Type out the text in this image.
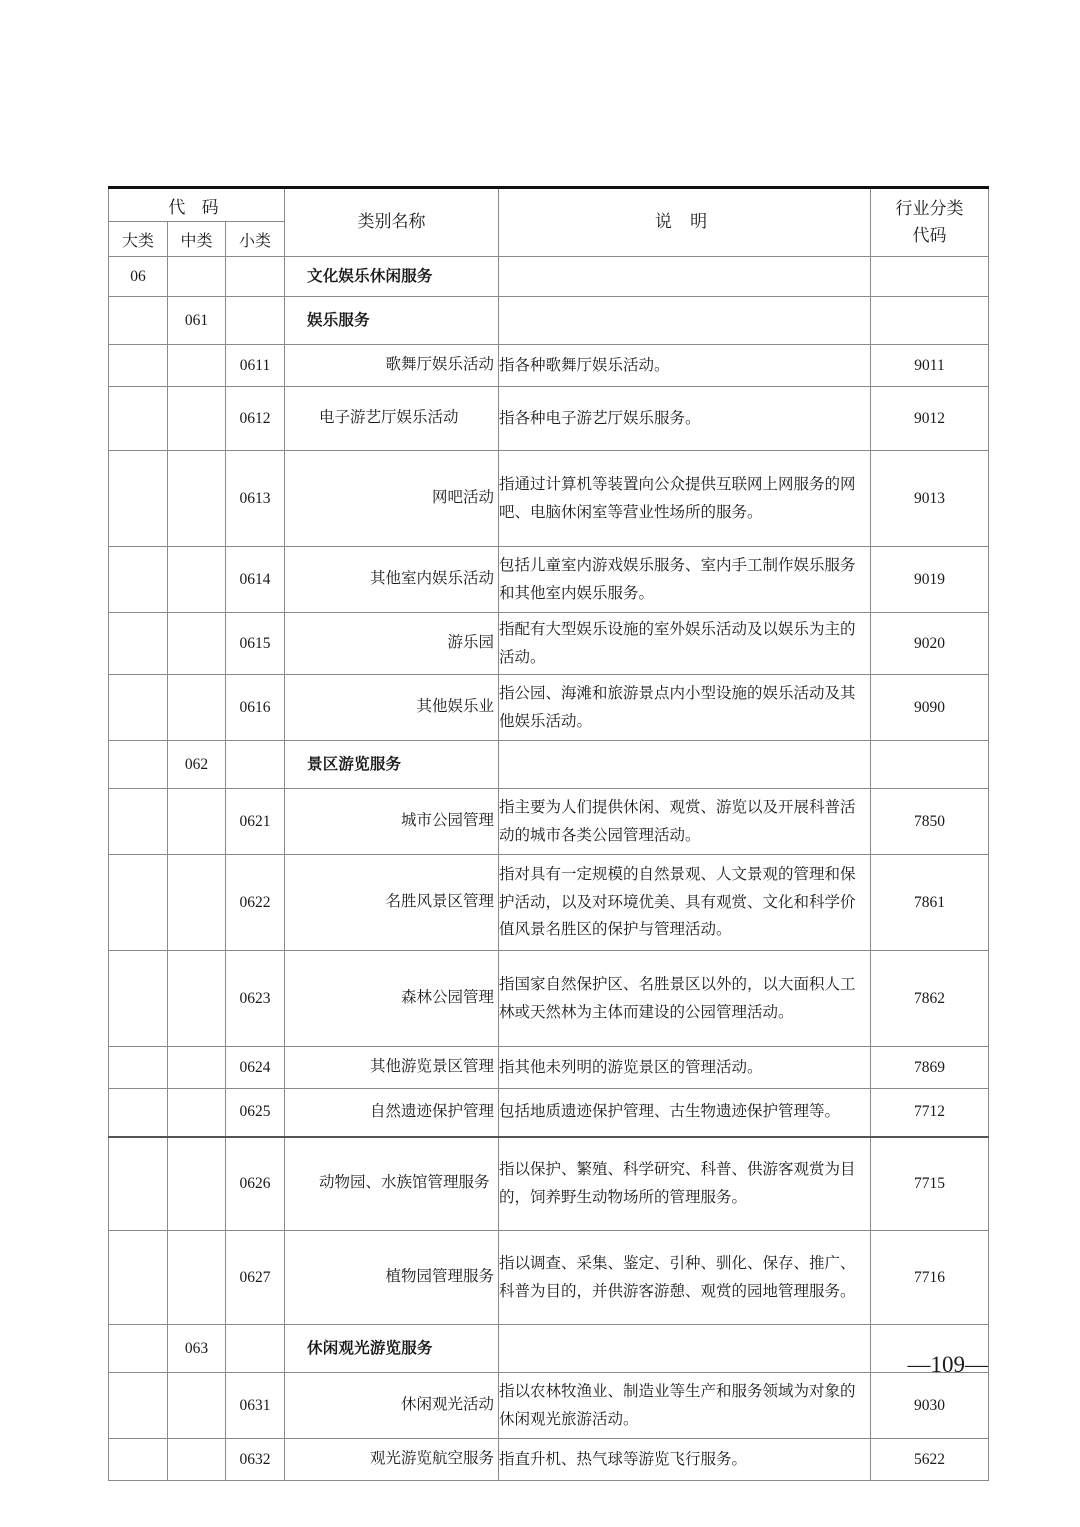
代 码			类别名称	说 明	行业分类
代码

大类	中类	小类			
06			文化娱乐休闲服务		
	061		娱乐服务		
		0611	歌舞厅娱乐活动	指各种歌舞厅娱乐活动。	9011
		0612	电子游艺厅娱乐活动	指各种电子游艺厅娱乐服务。	9012
		0613	网吧活动	指通过计算机等装置向公众提供互联网上网服务的网吧、电脑休闲室等营业性场所的服务。	9013
		0614	其他室内娱乐活动	包括儿童室内游戏娱乐服务、室内手工制作娱乐服务和其他室内娱乐服务。	9019
		0615	游乐园	指配有大型娱乐设施的室外娱乐活动及以娱乐为主的活动。	9020
		0616	其他娱乐业	指公园、海滩和旅游景点内小型设施的娱乐活动及其他娱乐活动。	9090
	062		景区游览服务		
		0621	城市公园管理	指主要为人们提供休闲、观赏、游览以及开展科普活动的城市各类公园管理活动。	7850
		0622	名胜风景区管理	指对具有一定规模的自然景观、人文景观的管理和保护活动，以及对环境优美、具有观赏、文化和科学价值风景名胜区的保护与管理活动。	7861
		0623	森林公园管理	指国家自然保护区、名胜景区以外的，以大面积人工林或天然林为主体而建设的公园管理活动。	7862
		0624	其他游览景区管理	指其他未列明的游览景区的管理活动。	7869
		0625	自然遗迹保护管理	包括地质遗迹保护管理、古生物遗迹保护管理等。	7712
		0626	动物园、水族馆管理服务	指以保护、繁殖、科学研究、科普、供游客观赏为目的，饲养野生动物场所的管理服务。	7715
		0627	植物园管理服务	指以调查、采集、鉴定、引种、驯化、保存、推广、科普为目的，并供游客游憩、观赏的园地管理服务。	7716
	063		休闲观光游览服务		
		0631	休闲观光活动	指以农林牧渔业、制造业等生产和服务领域为对象的休闲观光旅游活动。	9030
		0632	观光游览航空服务	指直升机、热气球等游览飞行服务。	5622
—109—
